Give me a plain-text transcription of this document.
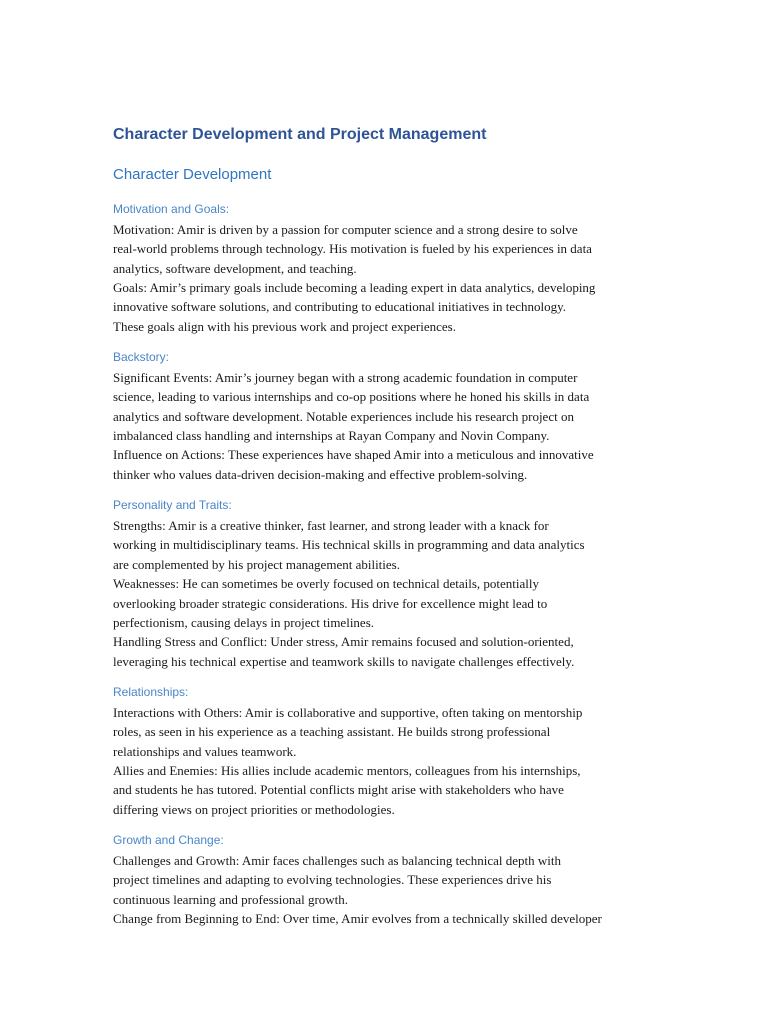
Character Development and Project Management
Character Development
Motivation and Goals:

Motivation: Amir is driven by a passion for computer science and a strong desire to solve
real-world problems through technology. His motivation is fueled by his experiences in data
analytics, software development, and teaching.
Goals: Amir’s primary goals include becoming a leading expert in data analytics, developing
innovative software solutions, and contributing to educational initiatives in technology.
These goals align with his previous work and project experiences.

Backstory:

Significant Events: Amir’s journey began with a strong academic foundation in computer
science, leading to various internships and co-op positions where he honed his skills in data
analytics and software development. Notable experiences include his research project on
imbalanced class handling and internships at Rayan Company and Novin Company.
Influence on Actions: These experiences have shaped Amir into a meticulous and innovative
thinker who values data-driven decision-making and effective problem-solving.

Personality and Traits:

Strengths: Amir is a creative thinker, fast learner, and strong leader with a knack for
working in multidisciplinary teams. His technical skills in programming and data analytics
are complemented by his project management abilities.
Weaknesses: He can sometimes be overly focused on technical details, potentially
overlooking broader strategic considerations. His drive for excellence might lead to
perfectionism, causing delays in project timelines.
Handling Stress and Conflict: Under stress, Amir remains focused and solution-oriented,
leveraging his technical expertise and teamwork skills to navigate challenges effectively.

Relationships:

Interactions with Others: Amir is collaborative and supportive, often taking on mentorship
roles, as seen in his experience as a teaching assistant. He builds strong professional
relationships and values teamwork.
Allies and Enemies: His allies include academic mentors, colleagues from his internships,
and students he has tutored. Potential conflicts might arise with stakeholders who have
differing views on project priorities or methodologies.

Growth and Change:

Challenges and Growth: Amir faces challenges such as balancing technical depth with
project timelines and adapting to evolving technologies. These experiences drive his
continuous learning and professional growth.
Change from Beginning to End: Over time, Amir evolves from a technically skilled developer
